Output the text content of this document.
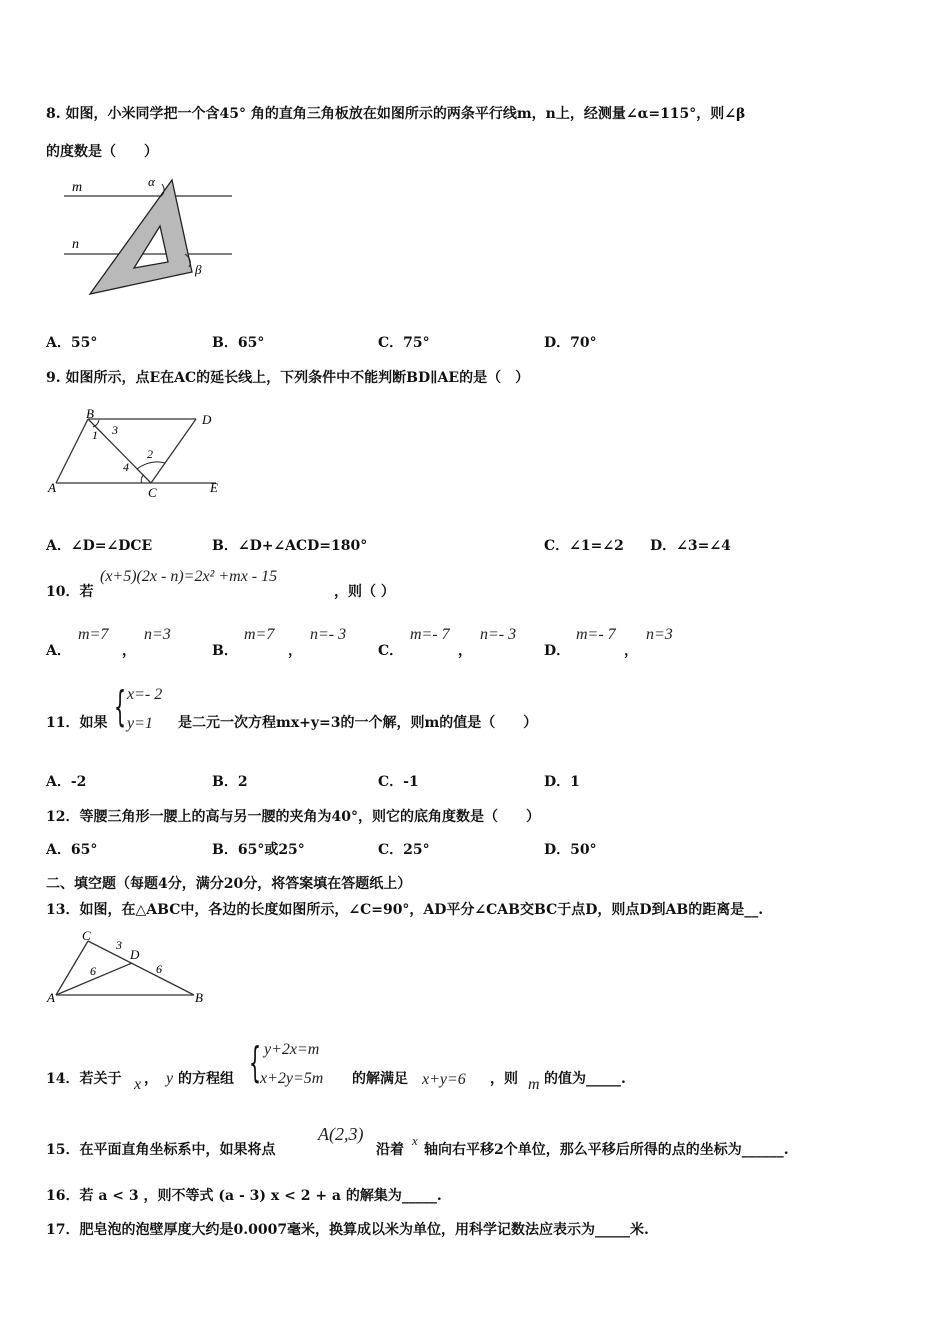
8. 如图，小米同学把一个含45° 角的直角三角板放在如图所示的两条平行线m，n上，经测量∠α=115°，则∠β
的度数是（　　）
m
n
α
β
A．55°	B．65°	C．75°	D．70°
9. 如图所示，点E在AC的延长线上，下列条件中不能判断BD∥AE的是（　）
B	D
A	C	E
1 3
2
4
A．∠D=∠DCE	B．∠D+∠ACD=180°	C．∠1=∠2 D．∠3=∠4
10．若
(x+5)(2x - n)=2x² +mx - 15
，则（ ）
A．
m=7
，
n=3
B．
m=7
，
n=- 3
C．
m=- 7
，
n=- 3
D．
m=- 7
，
n=3
11．如果 { x=- 2
y=1 是二元一次方程mx+y=3的一个解，则m的值是（　　）
A．-2	B．2	C．-1	D．1
12．等腰三角形一腰上的高与另一腰的夹角为40°，则它的底角度数是（　　）
A．65°	B．65°或25°	C．25°	D．50°
二、填空题（每题4分，满分20分，将答案填在答题纸上）
13．如图，在△ABC中，各边的长度如图所示，∠C=90°，AD平分∠CAB交BC于点D，则点D到AB的距离是__.
C
D
A	B
3
6	6
14．若关于 x ， y 的方程组 { y+2x=m
x+2y=5m 的解满足 x+y=6 ，则 m 的值为_____.
15．在平面直角坐标系中，如果将点
A(2,3)
沿着
x
轴向右平移2个单位，那么平移后所得的点的坐标为______.
16．若 a < 3 ，则不等式 (a - 3) x < 2 + a 的解集为_____.
17．肥皂泡的泡壁厚度大约是0.0007毫米，换算成以米为单位，用科学记数法应表示为_____米.
